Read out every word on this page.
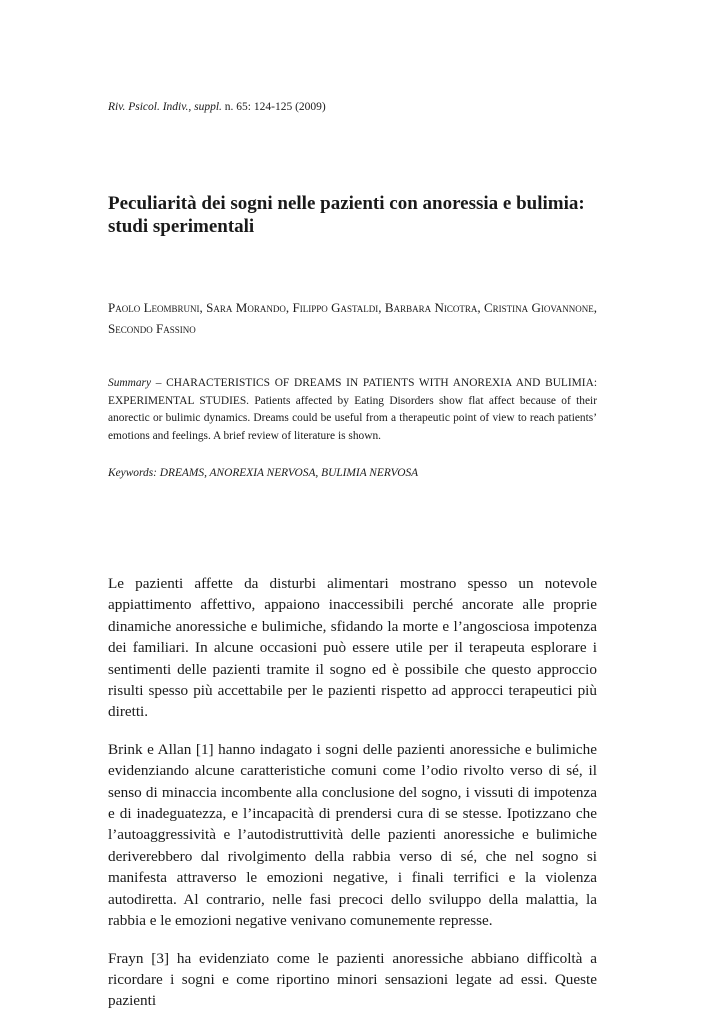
Riv. Psicol. Indiv., suppl. n. 65: 124-125 (2009)
Peculiarità dei sogni nelle pazienti con anoressia e bulimia: studi sperimentali

Paolo Leombruni, Sara Morando, Filippo Gastaldi, Barbara Nicotra, Cristina Giovannone, Secondo Fassino

Summary – CHARACTERISTICS OF DREAMS IN PATIENTS WITH ANOREXIA AND BULIMIA: EXPERIMENTAL STUDIES. Patients affected by Eating Disorders show flat affect because of their anorectic or bulimic dynamics. Dreams could be useful from a therapeutic point of view to reach patients’ emotions and feelings. A brief review of literature is shown.

Keywords: DREAMS, ANOREXIA NERVOSA, BULIMIA NERVOSA

Le pazienti affette da disturbi alimentari mostrano spesso un notevole appiattimento affettivo, appaiono inaccessibili perché ancorate alle proprie dinamiche anoressiche e bulimiche, sfidando la morte e l’angosciosa impotenza dei familiari. In alcune occasioni può essere utile per il terapeuta esplorare i sentimenti delle pazienti tramite il sogno ed è possibile che questo approccio risulti spesso più accettabile per le pazienti rispetto ad approcci terapeutici più diretti.

Brink e Allan [1] hanno indagato i sogni delle pazienti anoressiche e bulimiche evidenziando alcune caratteristiche comuni come l’odio rivolto verso di sé, il senso di minaccia incombente alla conclusione del sogno, i vissuti di impotenza e di inadeguatezza, e l’incapacità di prendersi cura di se stesse. Ipotizzano che l’autoaggressività e l’autodistruttività delle pazienti anoressiche e bulimiche deriverebbero dal rivolgimento della rabbia verso di sé, che nel sogno si manifesta attraverso le emozioni negative, i finali terrifici e la violenza autodiretta. Al contrario, nelle fasi precoci dello sviluppo della malattia, la rabbia e le emozioni negative venivano comunemente represse.

Frayn [3] ha evidenziato come le pazienti anoressiche abbiano difficoltà a ricordare i sogni e come riportino minori sensazioni legate ad essi. Queste pazienti
